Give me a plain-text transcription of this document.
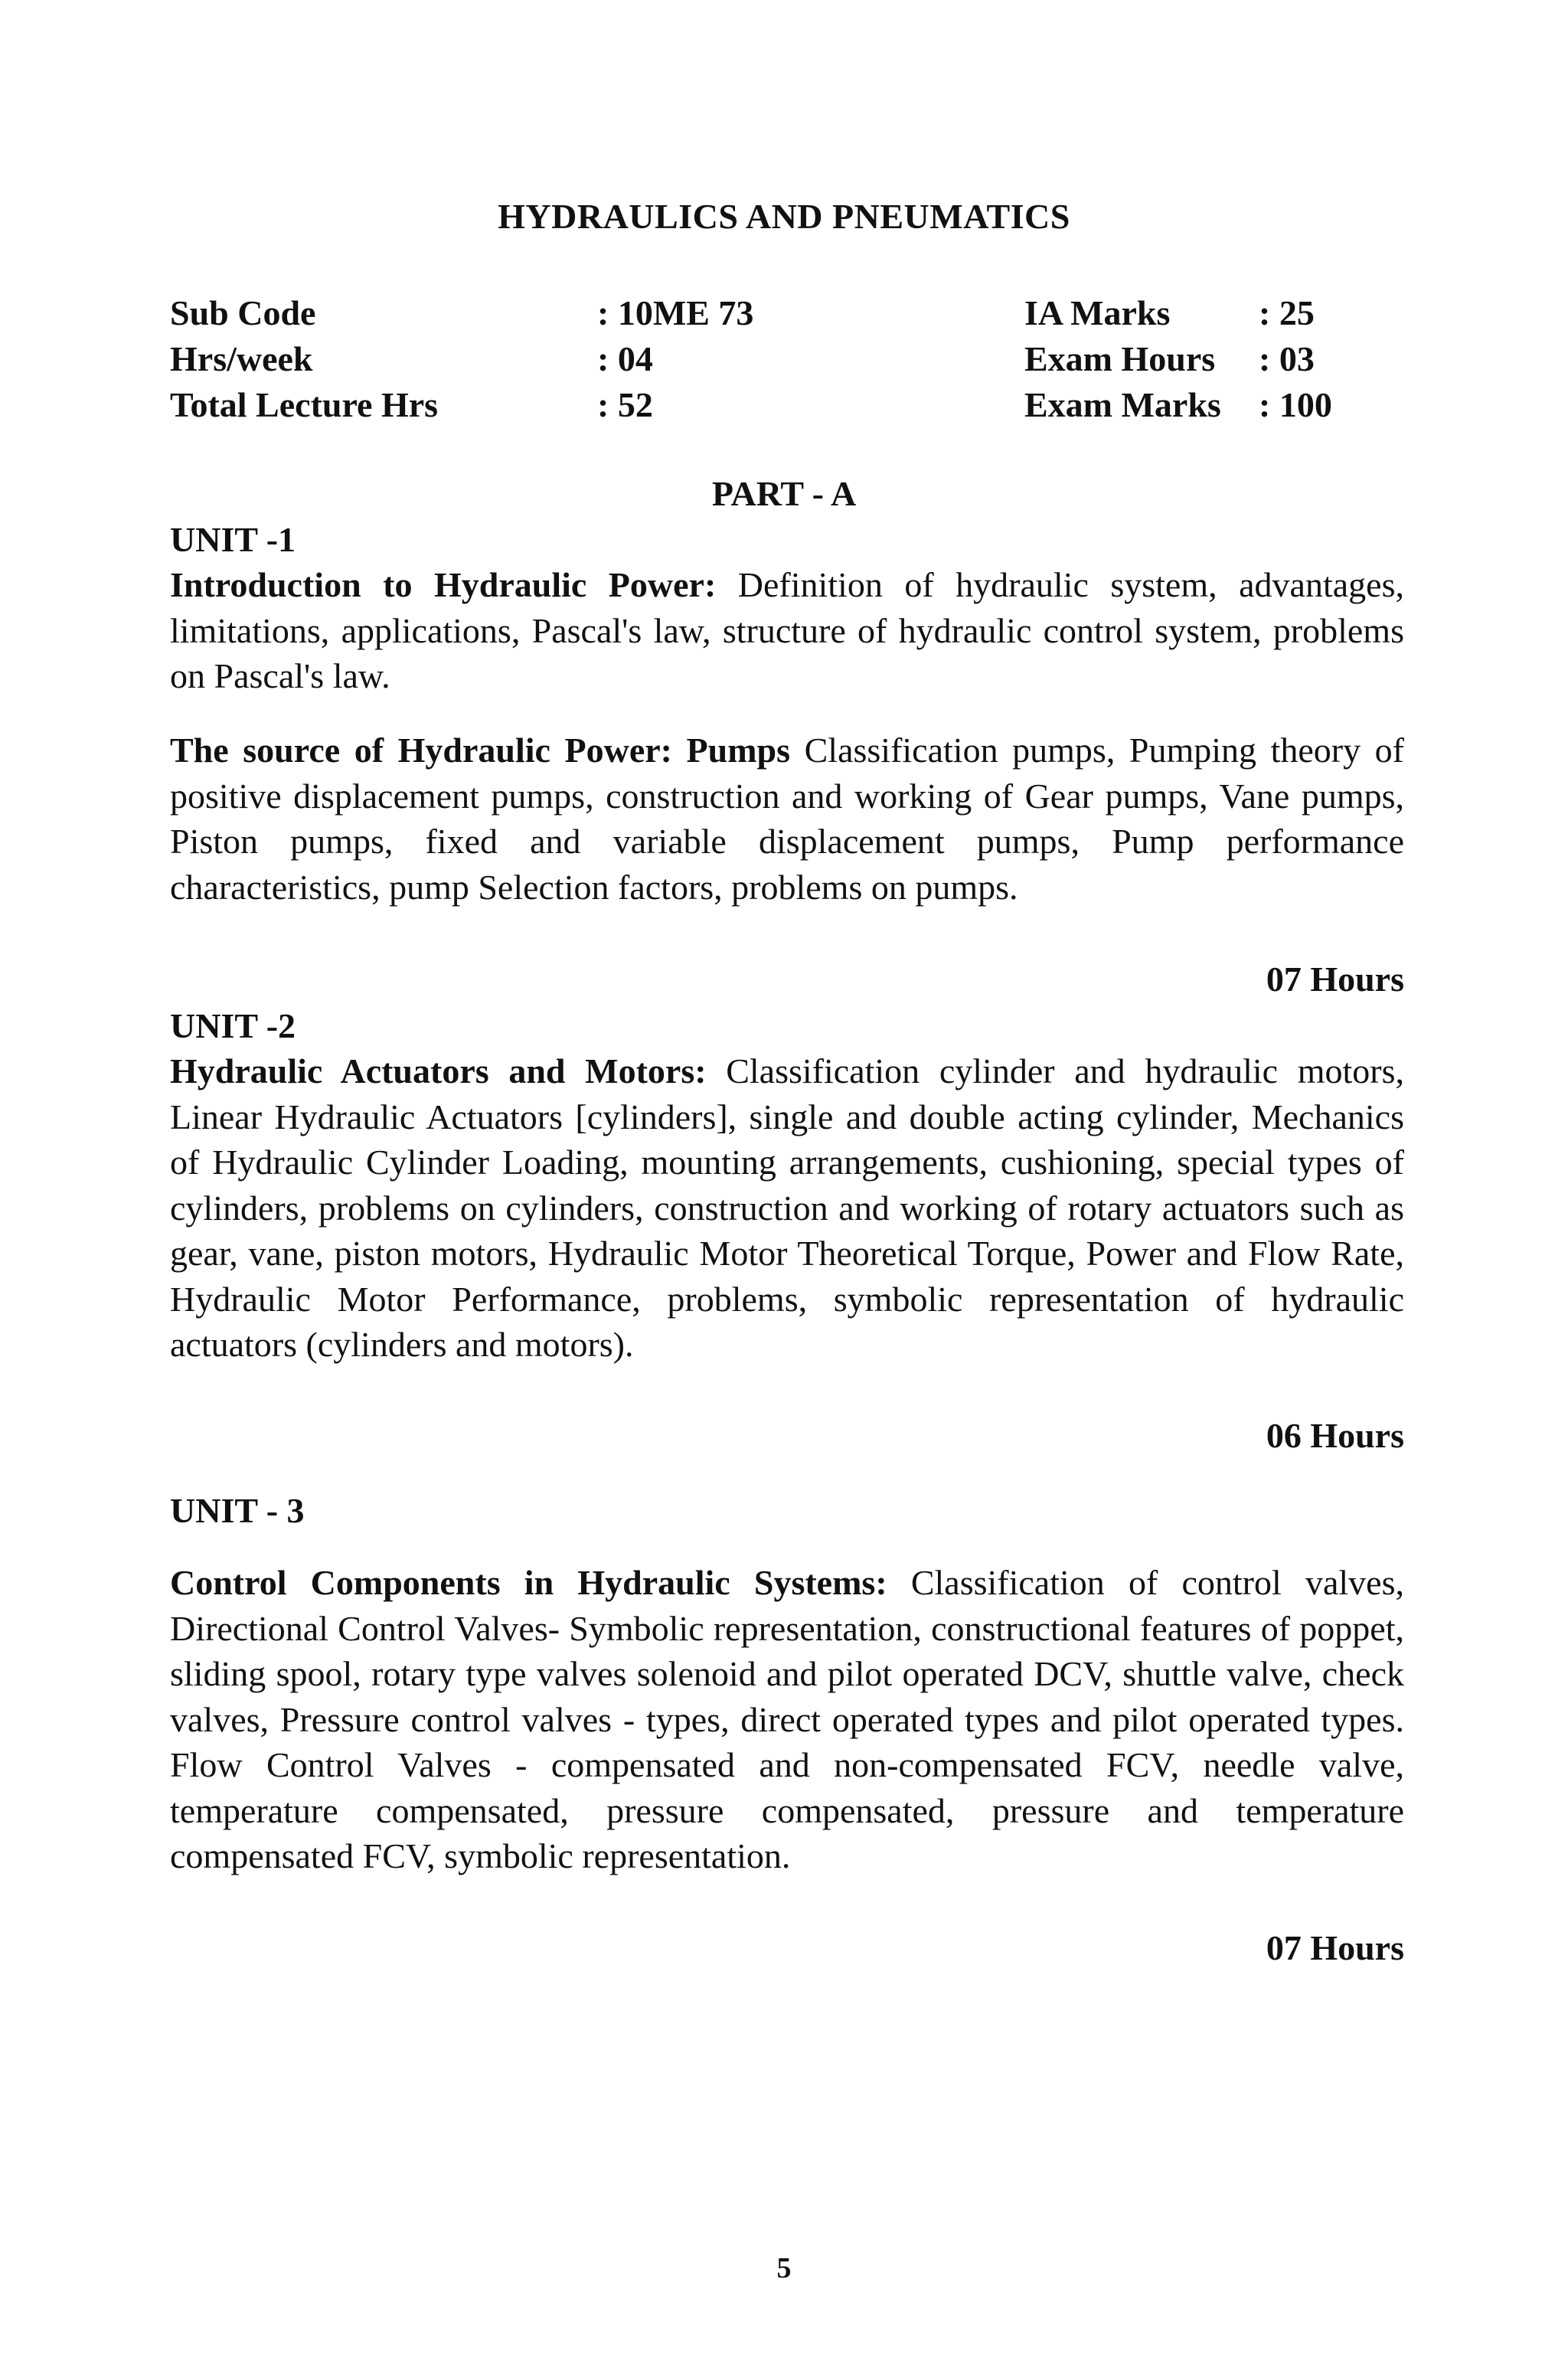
HYDRAULICS AND PNEUMATICS
Sub Code	: 10ME 73	IA Marks	: 25
Hrs/week	: 04	Exam Hours : 03
Total Lecture Hrs	: 52	Exam Marks : 100
PART - A
UNIT -1
Introduction to Hydraulic Power: Definition of hydraulic system, advantages, limitations, applications, Pascal's law, structure of hydraulic control system, problems on Pascal's law.
The source of Hydraulic Power: Pumps Classification pumps, Pumping theory of positive displacement pumps, construction and working of Gear pumps, Vane pumps, Piston pumps, fixed and variable displacement pumps, Pump performance characteristics, pump Selection factors, problems on pumps.
07 Hours
UNIT -2
Hydraulic Actuators and Motors: Classification cylinder and hydraulic motors, Linear Hydraulic Actuators [cylinders], single and double acting cylinder, Mechanics of Hydraulic Cylinder Loading, mounting arrangements, cushioning, special types of cylinders, problems on cylinders, construction and working of rotary actuators such as gear, vane, piston motors, Hydraulic Motor Theoretical Torque, Power and Flow Rate, Hydraulic Motor Performance, problems, symbolic representation of hydraulic actuators (cylinders and motors).
06 Hours
UNIT - 3
Control Components in Hydraulic Systems: Classification of control valves, Directional Control Valves- Symbolic representation, constructional features of poppet, sliding spool, rotary type valves solenoid and pilot operated DCV, shuttle valve, check valves, Pressure control valves - types, direct operated types and pilot operated types. Flow Control Valves - compensated and non-compensated FCV, needle valve, temperature compensated, pressure compensated, pressure and temperature compensated FCV, symbolic representation.
07 Hours
5
